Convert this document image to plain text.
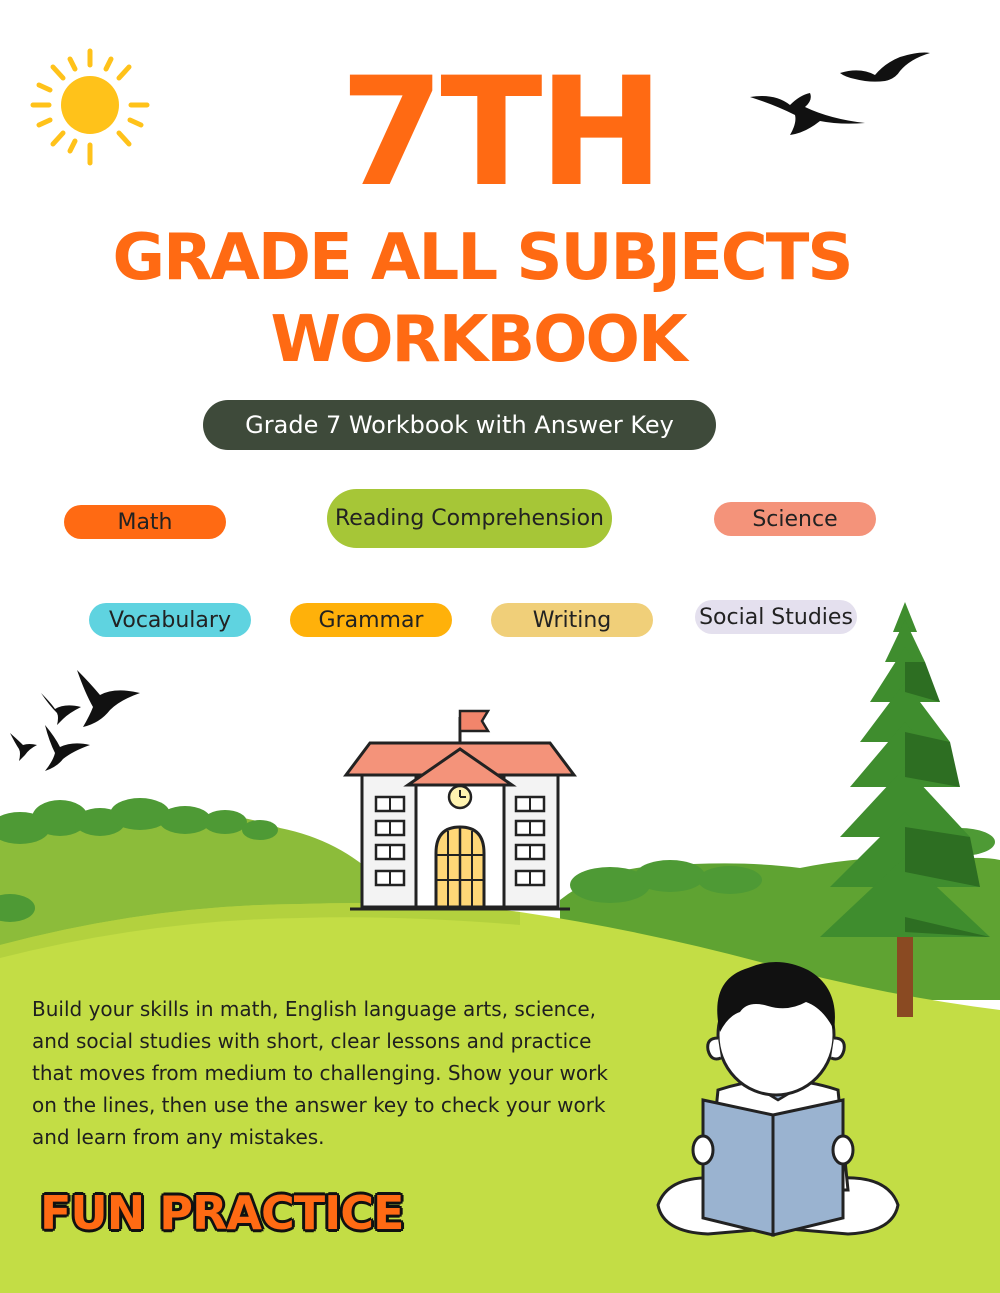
7TH
GRADE ALL SUBJECTS
WORKBOOK
Grade 7 Workbook with Answer Key
Math	Reading Comprehension	Science
Vocabulary	Grammar	Writing	Social Studies
Build your skills in math, English language arts, science,
and social studies with short, clear lessons and practice
that moves from medium to challenging. Show your work
on the lines, then use the answer key to check your work
and learn from any mistakes.
FUN PRACTICE
